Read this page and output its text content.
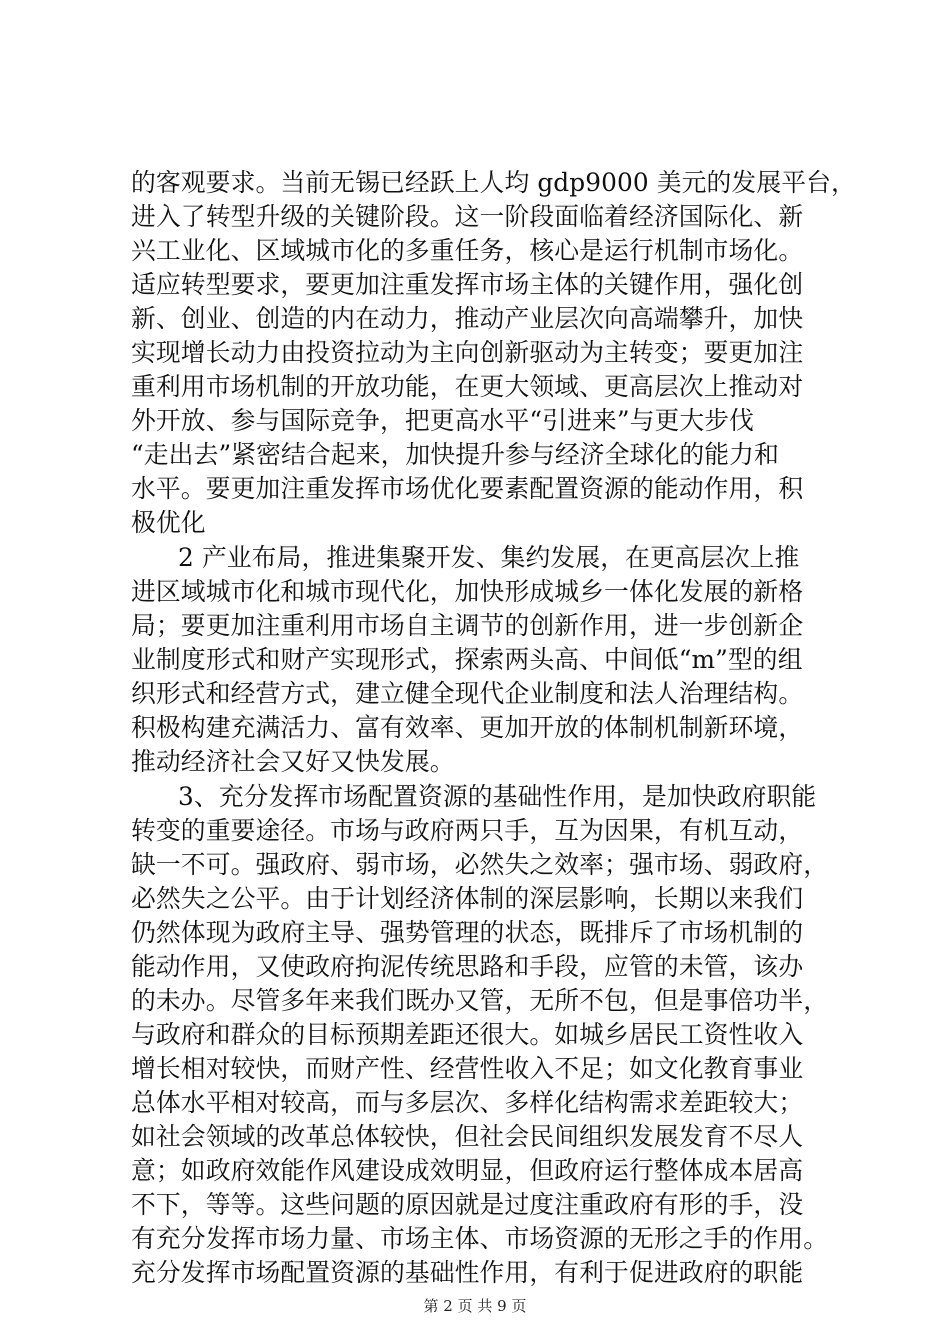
的客观要求。当前无锡已经跃上人均 gdp9000 美元的发展平台，
进入了转型升级的关键阶段。这一阶段面临着经济国际化、新
兴工业化、区域城市化的多重任务，核心是运行机制市场化。
适应转型要求，要更加注重发挥市场主体的关键作用，强化创
新、创业、创造的内在动力，推动产业层次向高端攀升，加快
实现增长动力由投资拉动为主向创新驱动为主转变；要更加注
重利用市场机制的开放功能，在更大领域、更高层次上推动对
外开放、参与国际竞争，把更高水平“引进来”与更大步伐
“走出去”紧密结合起来，加快提升参与经济全球化的能力和
水平。要更加注重发挥市场优化要素配置资源的能动作用，积
极优化
2 产业布局，推进集聚开发、集约发展，在更高层次上推
进区域城市化和城市现代化，加快形成城乡一体化发展的新格
局；要更加注重利用市场自主调节的创新作用，进一步创新企
业制度形式和财产实现形式，探索两头高、中间低“m”型的组
织形式和经营方式，建立健全现代企业制度和法人治理结构。
积极构建充满活力、富有效率、更加开放的体制机制新环境，
推动经济社会又好又快发展。
3、充分发挥市场配置资源的基础性作用，是加快政府职能
转变的重要途径。市场与政府两只手，互为因果，有机互动，
缺一不可。强政府、弱市场，必然失之效率；强市场、弱政府，
必然失之公平。由于计划经济体制的深层影响，长期以来我们
仍然体现为政府主导、强势管理的状态，既排斥了市场机制的
能动作用，又使政府拘泥传统思路和手段，应管的未管，该办
的未办。尽管多年来我们既办又管，无所不包，但是事倍功半，
与政府和群众的目标预期差距还很大。如城乡居民工资性收入
增长相对较快，而财产性、经营性收入不足；如文化教育事业
总体水平相对较高，而与多层次、多样化结构需求差距较大；
如社会领域的改革总体较快，但社会民间组织发展发育不尽人
意；如政府效能作风建设成效明显，但政府运行整体成本居高
不下，等等。这些问题的原因就是过度注重政府有形的手，没
有充分发挥市场力量、市场主体、市场资源的无形之手的作用。
充分发挥市场配置资源的基础性作用，有利于促进政府的职能
第 2 页 共 9 页
